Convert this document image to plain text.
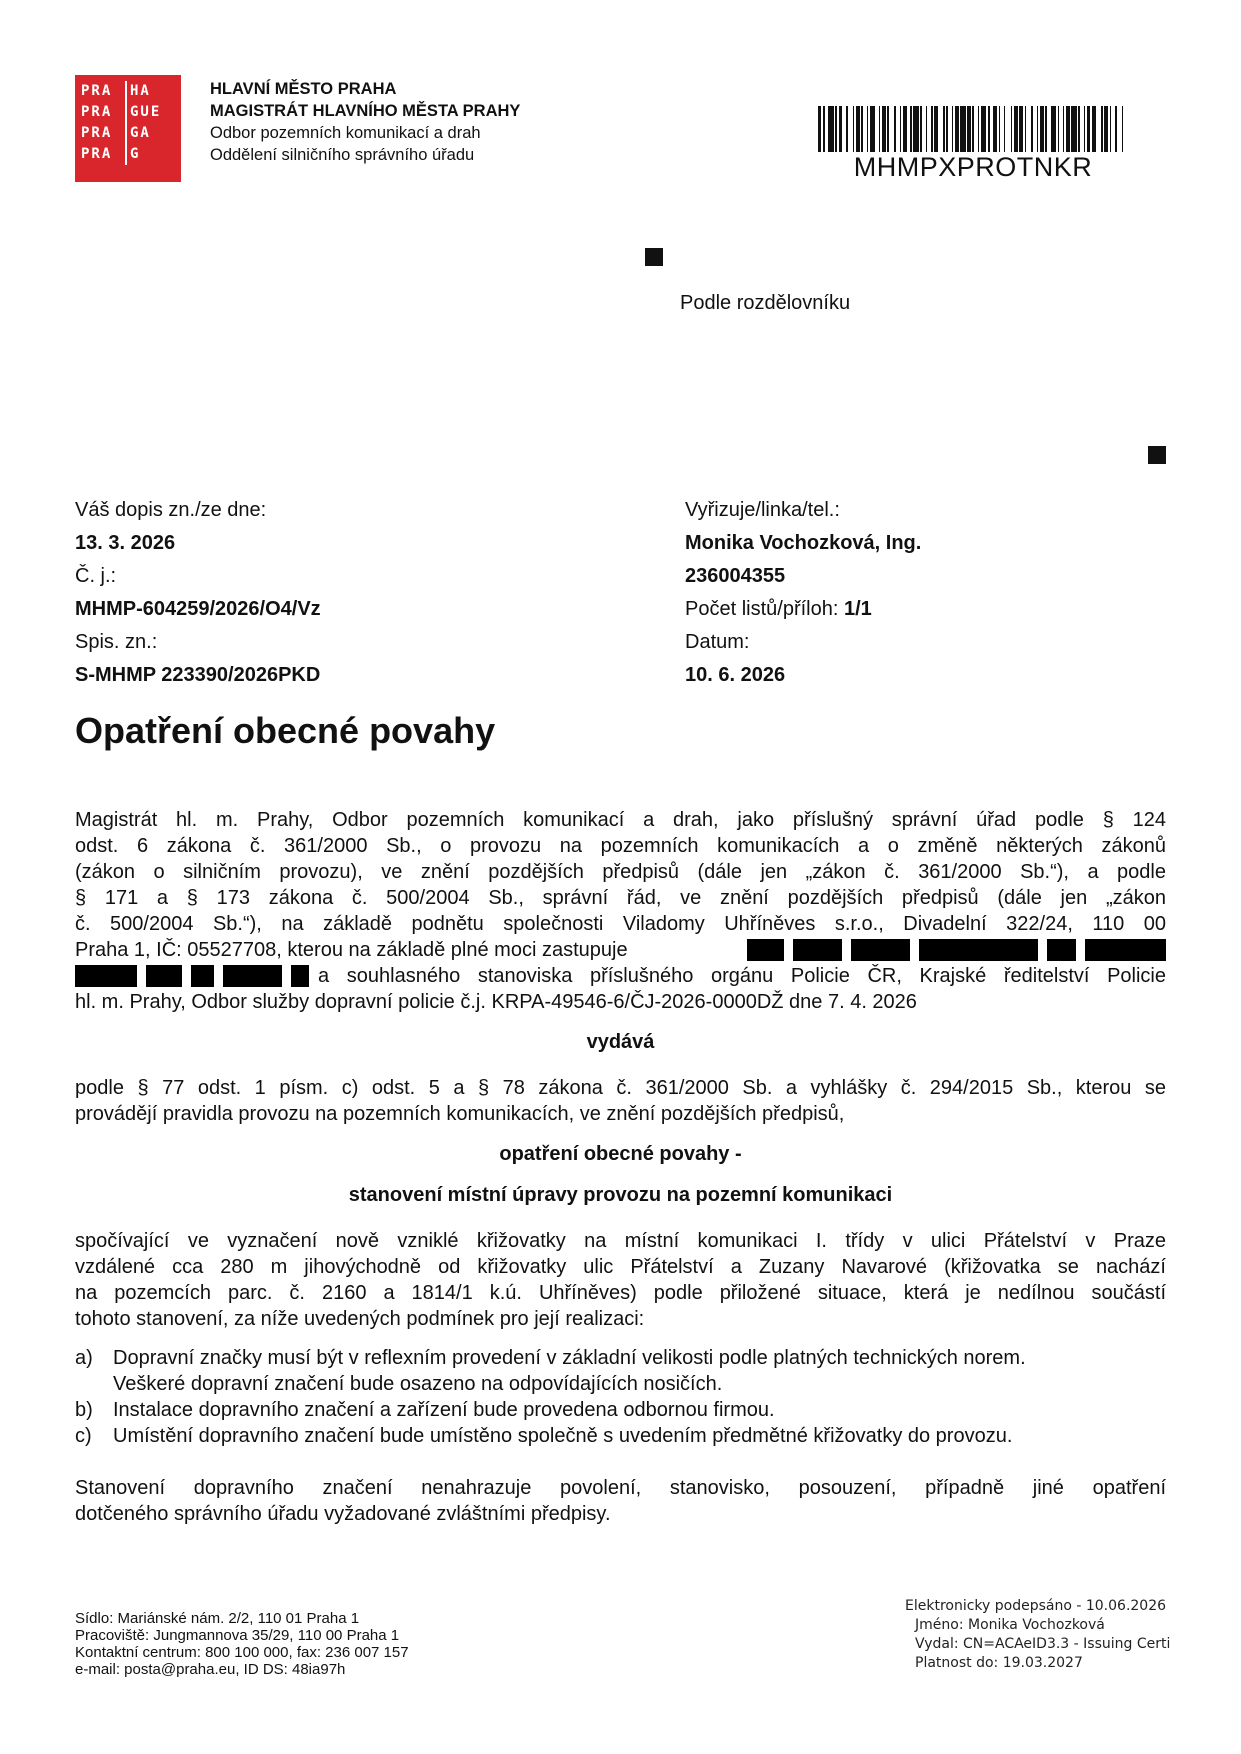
PRA	HA
PRA	GUE
PRA	GA
PRA	G
HLAVNÍ MĚSTO PRAHA
MAGISTRÁT HLAVNÍHO MĚSTA PRAHY
Odbor pozemních komunikací a drah
Oddělení silničního správního úřadu	MHMPXPROTNKR
Podle rozdělovníku
Váš dopis zn./ze dne:
13. 3. 2026
Č. j.:
MHMP-604259/2026/O4/Vz
Spis. zn.:
S-MHMP 223390/2026PKD
Vyřizuje/linka/tel.:
Monika Vochozková, Ing.
236004355
Počet listů/příloh: 1/1
Datum:
10. 6. 2026
Opatření obecné povahy
Magistrát hl. m. Prahy, Odbor pozemních komunikací a drah, jako příslušný správní úřad podle § 124
odst. 6 zákona č. 361/2000 Sb., o provozu na pozemních komunikacích a o změně některých zákonů
(zákon o silničním provozu), ve znění pozdějších předpisů (dále jen „zákon č. 361/2000 Sb.“), a podle
§ 171 a § 173 zákona č. 500/2004 Sb., správní řád, ve znění pozdějších předpisů (dále jen „zákon
č. 500/2004 Sb.“), na základě podnětu společnosti Viladomy Uhříněves s.r.o., Divadelní 322/24, 110 00
Praha 1, IČ: 05527708, kterou na základě plné moci zastupuje
a souhlasného stanoviska příslušného orgánu Policie ČR, Krajské ředitelství Policie
hl. m. Prahy, Odbor služby dopravní policie č.j. KRPA-49546-6/ČJ-2026-0000DŽ dne 7. 4. 2026
vydává
podle § 77 odst. 1 písm. c) odst. 5 a § 78 zákona č. 361/2000 Sb. a vyhlášky č. 294/2015 Sb., kterou se
provádějí pravidla provozu na pozemních komunikacích, ve znění pozdějších předpisů,
opatření obecné povahy -
stanovení místní úpravy provozu na pozemní komunikaci
spočívající ve vyznačení nově vzniklé křižovatky na místní komunikaci I. třídy v ulici Přátelství v Praze
vzdálené cca 280 m jihovýchodně od křižovatky ulic Přátelství a Zuzany Navarové (křižovatka se nachází
na pozemcích parc. č. 2160 a 1814/1 k.ú. Uhříněves) podle přiložené situace, která je nedílnou součástí
tohoto stanovení, za níže uvedených podmínek pro její realizaci:
a)	Dopravní značky musí být v reflexním provedení v základní velikosti podle platných technických norem.
Veškeré dopravní značení bude osazeno na odpovídajících nosičích.
b)	Instalace dopravního značení a zařízení bude provedena odbornou firmou.
c)	Umístění dopravního značení bude umístěno společně s uvedením předmětné křižovatky do provozu.
Stanovení dopravního značení nenahrazuje povolení, stanovisko, posouzení, případně jiné opatření
dotčeného správního úřadu vyžadované zvláštními předpisy.
Sídlo: Mariánské nám. 2/2, 110 01 Praha 1
Pracoviště: Jungmannova 35/29, 110 00 Praha 1
Kontaktní centrum: 800 100 000, fax: 236 007 157
e-mail: posta@praha.eu, ID DS: 48ia97h
Elektronicky podepsáno - 10.06.2026
Jméno: Monika Vochozková
Vydal: CN=ACAeID3.3 - Issuing Certi
Platnost do: 19.03.2027
